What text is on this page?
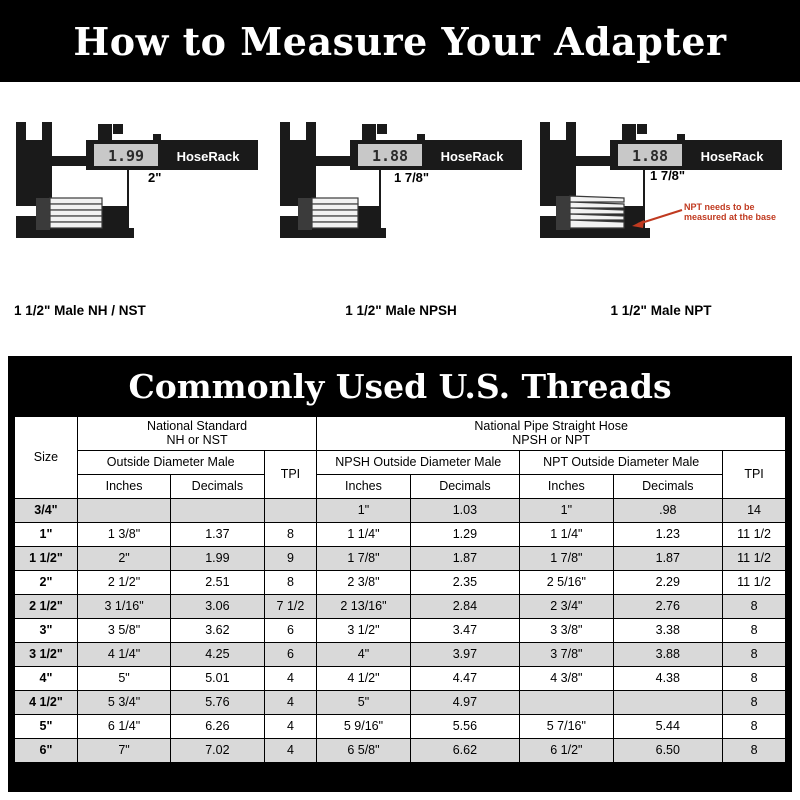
How to Measure Your Adapter
1.99	HoseRack
2"
1 1/2" Male NH / NST
1.88	HoseRack
1 7/8"
1 1/2" Male NPSH
1.88	HoseRack
1 7/8"
NPT needs to be measured at the base
1 1/2" Male NPT
Commonly Used U.S. Threads
Size	National Standard
NH or NST			National Pipe Straight Hose
NPSH or NPT				
	Outside Diameter Male		TPI	NPSH Outside Diameter Male		NPT Outside Diameter Male		TPI
	Inches	Decimals		Inches	Decimals	Inches	Decimals	
3/4"				1"	1.03	1"	.98	14
1"	1 3/8"	1.37	8	1 1/4"	1.29	1 1/4"	1.23	11 1/2
1 1/2"	2"	1.99	9	1 7/8"	1.87	1 7/8"	1.87	11 1/2
2"	2 1/2"	2.51	8	2 3/8"	2.35	2 5/16"	2.29	11 1/2
2 1/2"	3 1/16"	3.06	7 1/2	2 13/16"	2.84	2 3/4"	2.76	8
3"	3 5/8"	3.62	6	3 1/2"	3.47	3 3/8"	3.38	8
3 1/2"	4 1/4"	4.25	6	4"	3.97	3 7/8"	3.88	8
4"	5"	5.01	4	4 1/2"	4.47	4 3/8"	4.38	8
4 1/2"	5 3/4"	5.76	4	5"	4.97			8
5"	6 1/4"	6.26	4	5 9/16"	5.56	5 7/16"	5.44	8
6"	7"	7.02	4	6 5/8"	6.62	6 1/2"	6.50	8
